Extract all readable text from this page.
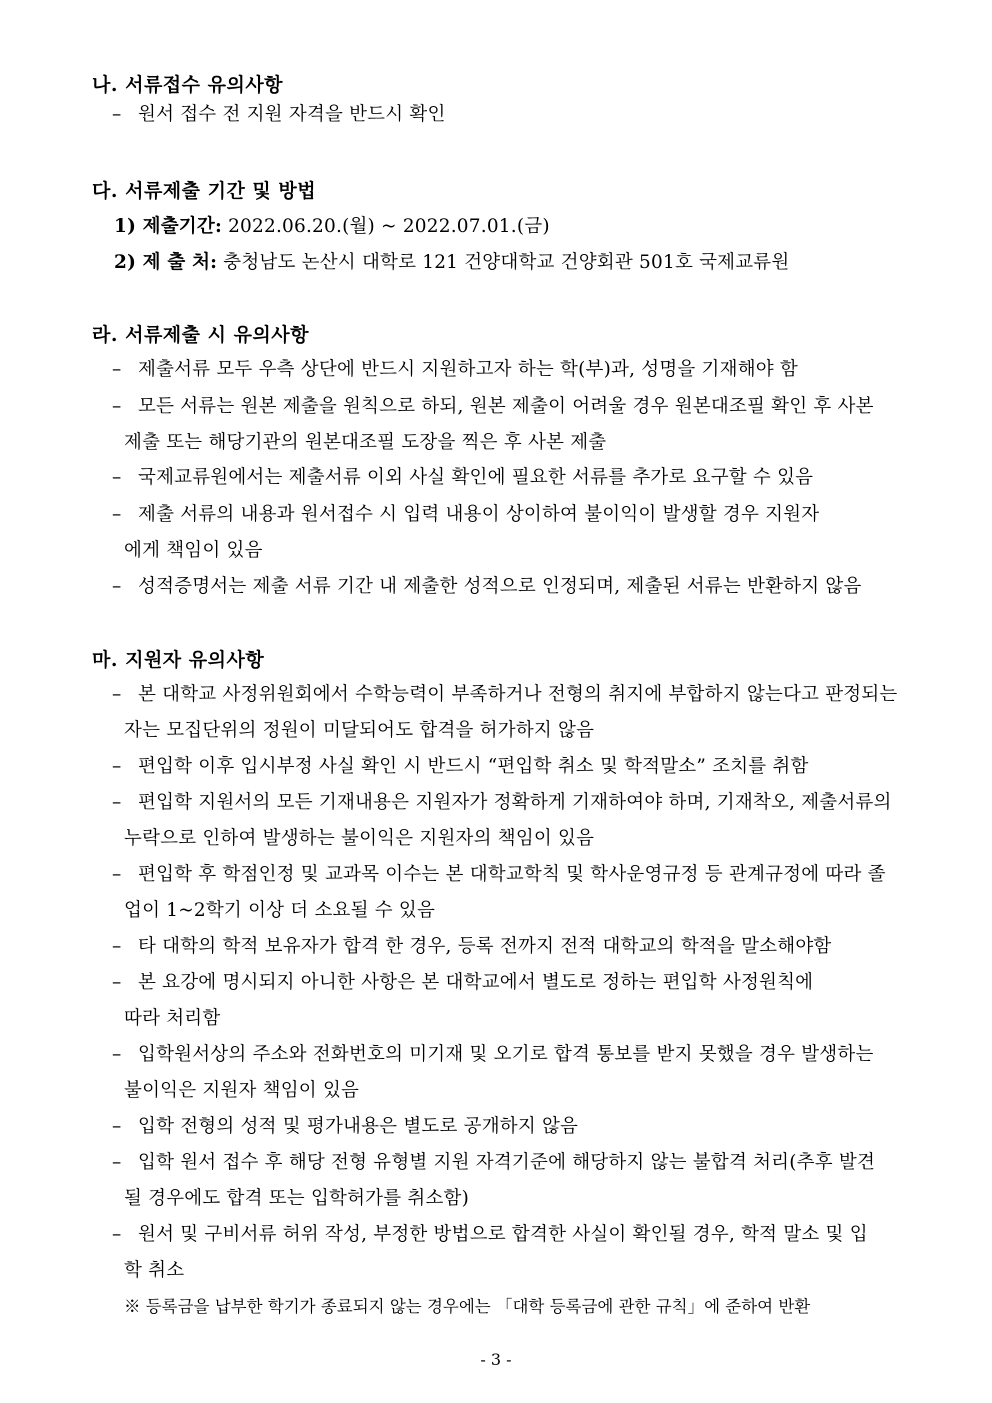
나. 서류접수 유의사항
– 원서 접수 전 지원 자격을 반드시 확인
다. 서류제출 기간 및 방법
1) 제출기간: 2022.06.20.(월) ~ 2022.07.01.(금)
2) 제 출 처: 충청남도 논산시 대학로 121 건양대학교 건양회관 501호 국제교류원
라. 서류제출 시 유의사항
– 제출서류 모두 우측 상단에 반드시 지원하고자 하는 학(부)과, 성명을 기재해야 함
– 모든 서류는 원본 제출을 원칙으로 하되, 원본 제출이 어려울 경우 원본대조필 확인 후 사본
제출 또는 해당기관의 원본대조필 도장을 찍은 후 사본 제출
– 국제교류원에서는 제출서류 이외 사실 확인에 필요한 서류를 추가로 요구할 수 있음
– 제출 서류의 내용과 원서접수 시 입력 내용이 상이하여 불이익이 발생할 경우 지원자
에게 책임이 있음
– 성적증명서는 제출 서류 기간 내 제출한 성적으로 인정되며, 제출된 서류는 반환하지 않음
마. 지원자 유의사항
– 본 대학교 사정위원회에서 수학능력이 부족하거나 전형의 취지에 부합하지 않는다고 판정되는
자는 모집단위의 정원이 미달되어도 합격을 허가하지 않음
– 편입학 이후 입시부정 사실 확인 시 반드시 “편입학 취소 및 학적말소” 조치를 취함
– 편입학 지원서의 모든 기재내용은 지원자가 정확하게 기재하여야 하며, 기재착오, 제출서류의
누락으로 인하여 발생하는 불이익은 지원자의 책임이 있음
– 편입학 후 학점인정 및 교과목 이수는 본 대학교학칙 및 학사운영규정 등 관계규정에 따라 졸
업이 1~2학기 이상 더 소요될 수 있음
– 타 대학의 학적 보유자가 합격 한 경우, 등록 전까지 전적 대학교의 학적을 말소해야함
– 본 요강에 명시되지 아니한 사항은 본 대학교에서 별도로 정하는 편입학 사정원칙에
따라 처리함
– 입학원서상의 주소와 전화번호의 미기재 및 오기로 합격 통보를 받지 못했을 경우 발생하는
불이익은 지원자 책임이 있음
– 입학 전형의 성적 및 평가내용은 별도로 공개하지 않음
– 입학 원서 접수 후 해당 전형 유형별 지원 자격기준에 해당하지 않는 불합격 처리(추후 발견
될 경우에도 합격 또는 입학허가를 취소함)
– 원서 및 구비서류 허위 작성, 부정한 방법으로 합격한 사실이 확인될 경우, 학적 말소 및 입
학 취소
※ 등록금을 납부한 학기가 종료되지 않는 경우에는 「대학 등록금에 관한 규칙」에 준하여 반환
- 3 -
